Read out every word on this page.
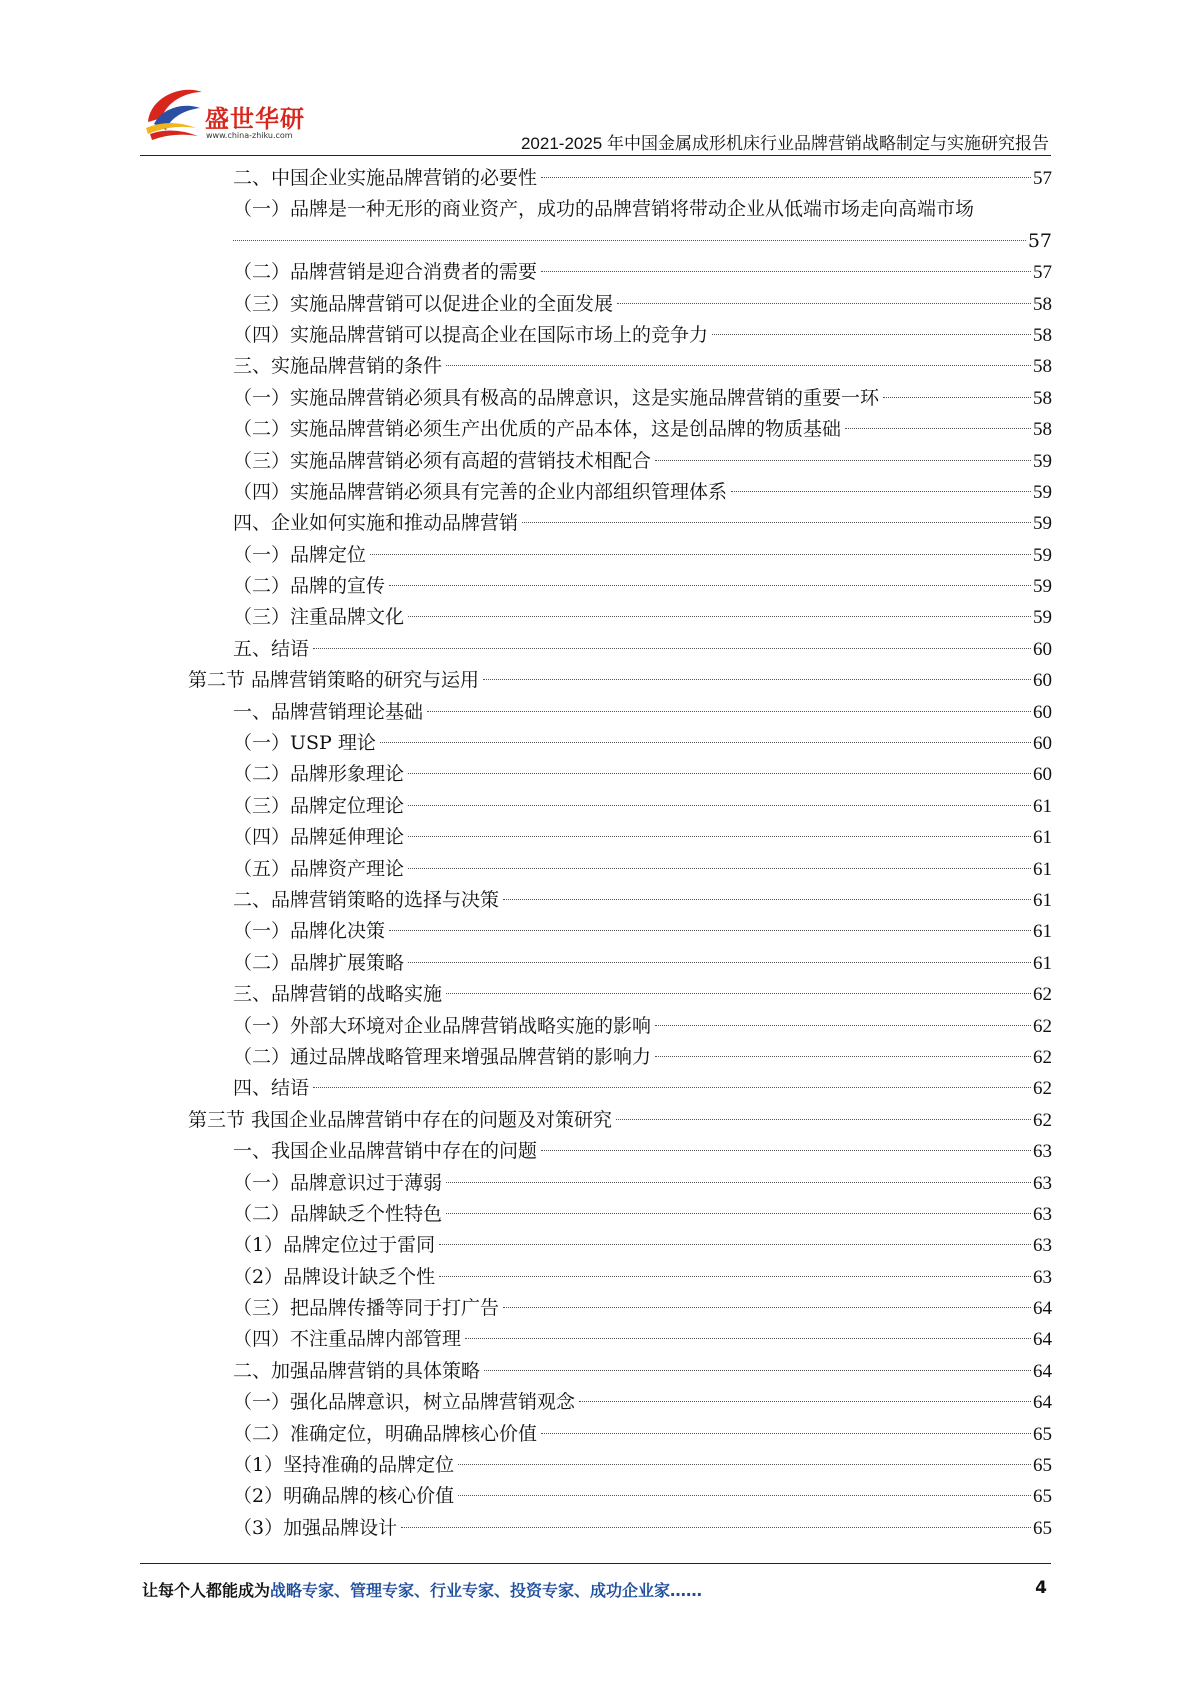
盛世华研
www.china-zhiku.com	2021-2025 年中国金属成形机床行业品牌营销战略制定与实施研究报告
二、中国企业实施品牌营销的必要性	57
（一）品牌是一种无形的商业资产，成功的品牌营销将带动企业从低端市场走向高端市场
57
（二）品牌营销是迎合消费者的需要	57
（三）实施品牌营销可以促进企业的全面发展	58
（四）实施品牌营销可以提高企业在国际市场上的竞争力	58
三、实施品牌营销的条件	58
（一）实施品牌营销必须具有极高的品牌意识，这是实施品牌营销的重要一环	58
（二）实施品牌营销必须生产出优质的产品本体，这是创品牌的物质基础	58
（三）实施品牌营销必须有高超的营销技术相配合	59
（四）实施品牌营销必须具有完善的企业内部组织管理体系	59
四、企业如何实施和推动品牌营销	59
（一）品牌定位	59
（二）品牌的宣传	59
（三）注重品牌文化	59
五、结语	60
第二节 品牌营销策略的研究与运用	60
一、品牌营销理论基础	60
（一）USP 理论	60
（二）品牌形象理论	60
（三）品牌定位理论	61
（四）品牌延伸理论	61
（五）品牌资产理论	61
二、品牌营销策略的选择与决策	61
（一）品牌化决策	61
（二）品牌扩展策略	61
三、品牌营销的战略实施	62
（一）外部大环境对企业品牌营销战略实施的影响	62
（二）通过品牌战略管理来增强品牌营销的影响力	62
四、结语	62
第三节 我国企业品牌营销中存在的问题及对策研究	62
一、我国企业品牌营销中存在的问题	63
（一）品牌意识过于薄弱	63
（二）品牌缺乏个性特色	63
（1）品牌定位过于雷同	63
（2）品牌设计缺乏个性	63
（三）把品牌传播等同于打广告	64
（四）不注重品牌内部管理	64
二、加强品牌营销的具体策略	64
（一）强化品牌意识，树立品牌营销观念	64
（二）准确定位，明确品牌核心价值	65
（1）坚持准确的品牌定位	65
（2）明确品牌的核心价值	65
（3）加强品牌设计	65
让每个人都能成为战略专家、管理专家、行业专家、投资专家、成功企业家……	4
